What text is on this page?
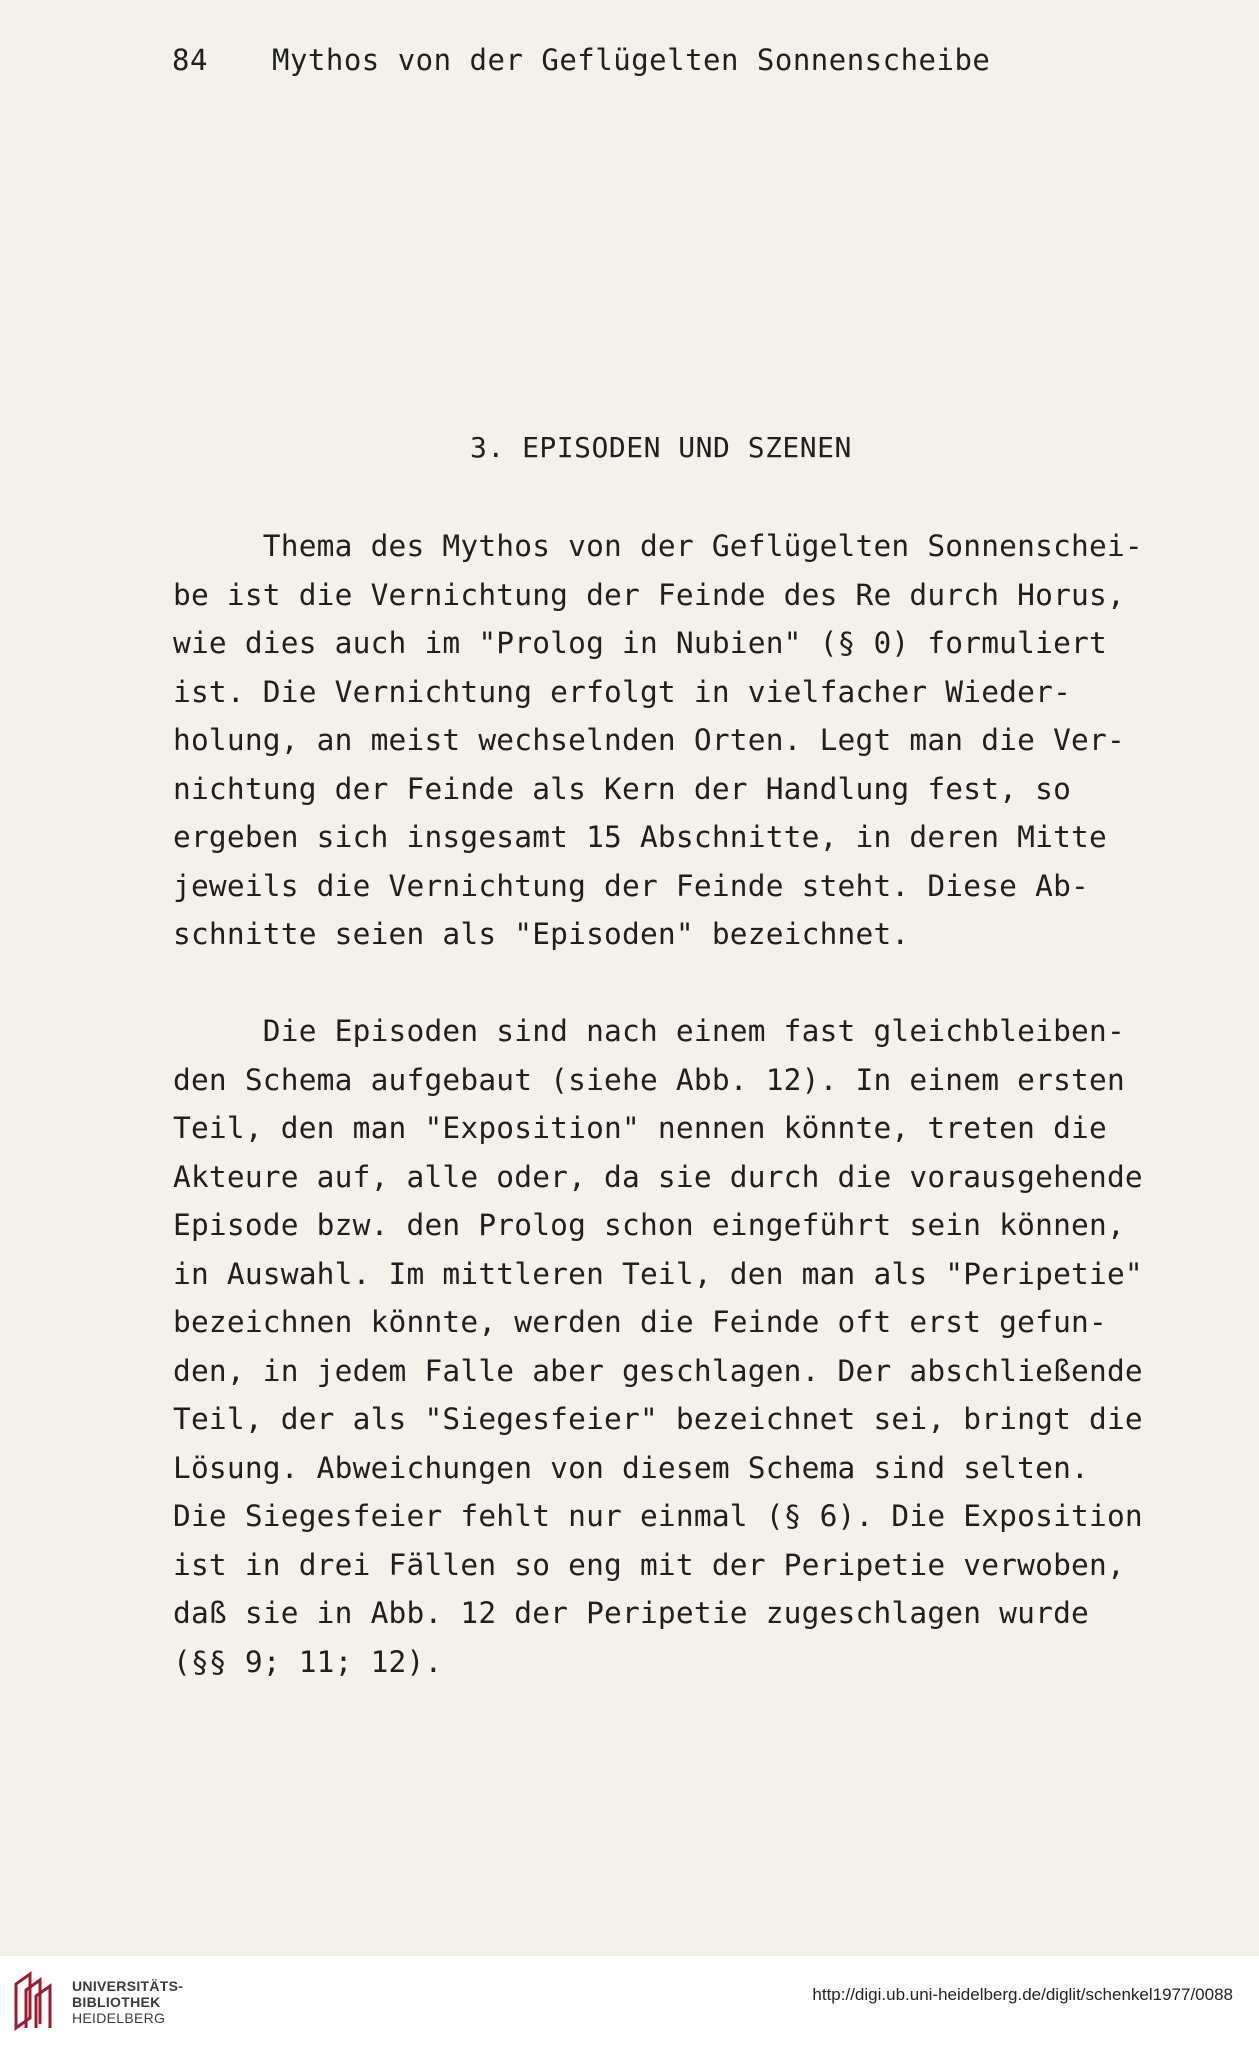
84 Mythos von der Geflügelten Sonnenscheibe
3. EPISODEN UND SZENEN
Thema des Mythos von der Geflügelten Sonnenschei-
be ist die Vernichtung der Feinde des Re durch Horus,
wie dies auch im "Prolog in Nubien" (§ 0) formuliert
ist. Die Vernichtung erfolgt in vielfacher Wieder-
holung, an meist wechselnden Orten. Legt man die Ver-
nichtung der Feinde als Kern der Handlung fest, so
ergeben sich insgesamt 15 Abschnitte, in deren Mitte
jeweils die Vernichtung der Feinde steht. Diese Ab-
schnitte seien als "Episoden" bezeichnet.
Die Episoden sind nach einem fast gleichbleiben-
den Schema aufgebaut (siehe Abb. 12). In einem ersten
Teil, den man "Exposition" nennen könnte, treten die
Akteure auf, alle oder, da sie durch die vorausgehende
Episode bzw. den Prolog schon eingeführt sein können,
in Auswahl. Im mittleren Teil, den man als "Peripetie"
bezeichnen könnte, werden die Feinde oft erst gefun-
den, in jedem Falle aber geschlagen. Der abschließende
Teil, der als "Siegesfeier" bezeichnet sei, bringt die
Lösung. Abweichungen von diesem Schema sind selten.
Die Siegesfeier fehlt nur einmal (§ 6). Die Exposition
ist in drei Fällen so eng mit der Peripetie verwoben,
daß sie in Abb. 12 der Peripetie zugeschlagen wurde
(§§ 9; 11; 12).
UNIVERSITÄTS-
BIBLIOTHEK
HEIDELBERG
http://digi.ub.uni-heidelberg.de/diglit/schenkel1977/0088
